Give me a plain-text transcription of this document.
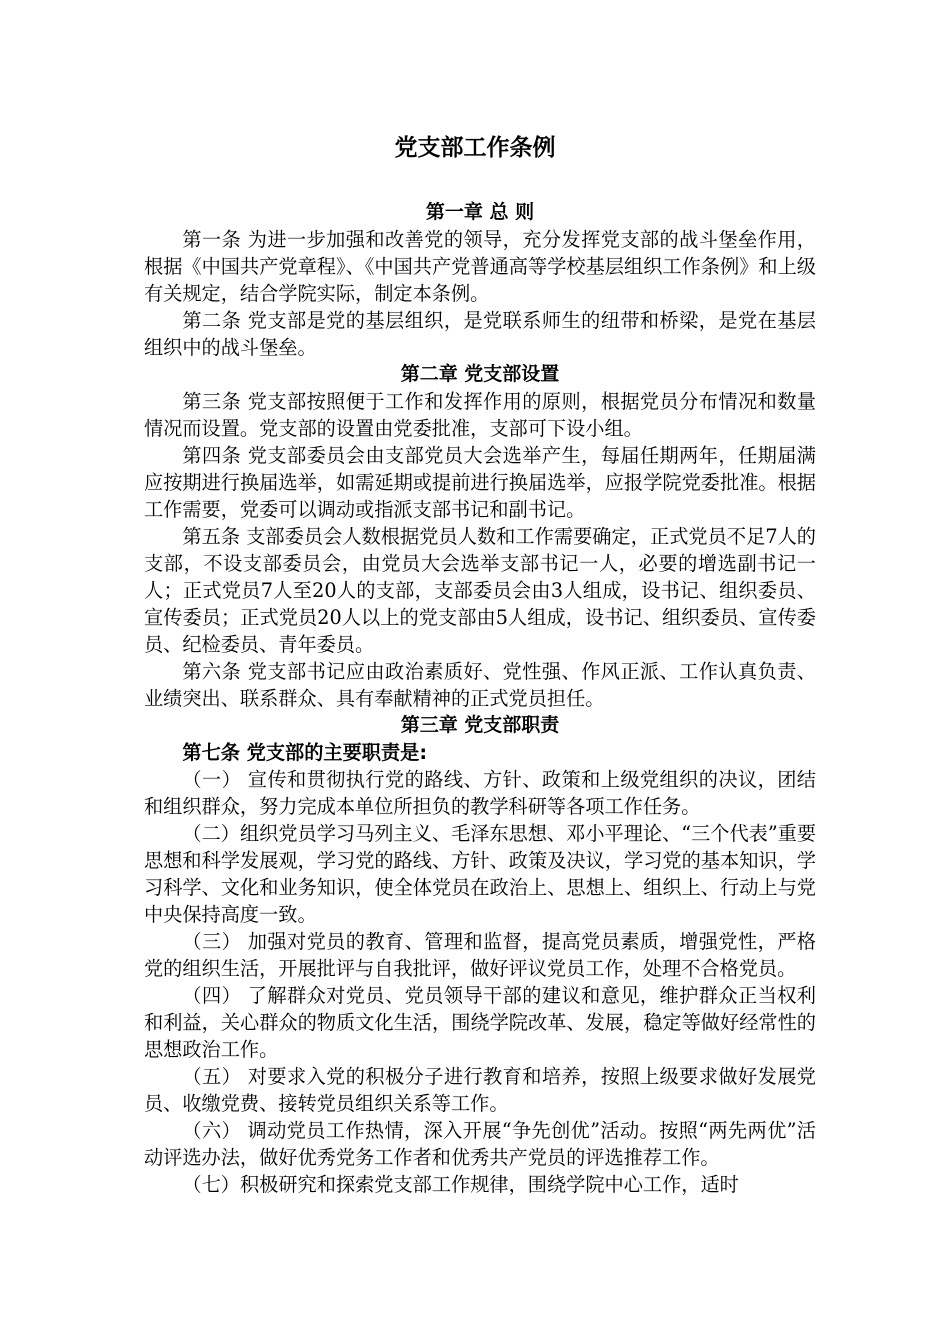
党支部工作条例

第一章 总 则

第一条 为进一步加强和改善党的领导，充分发挥党支部的战斗堡垒作用，根据《中国共产党章程》、《中国共产党普通高等学校基层组织工作条例》和上级有关规定，结合学院实际，制定本条例。

第二条 党支部是党的基层组织，是党联系师生的纽带和桥梁，是党在基层组织中的战斗堡垒。

第二章 党支部设置

第三条 党支部按照便于工作和发挥作用的原则，根据党员分布情况和数量情况而设置。党支部的设置由党委批准，支部可下设小组。

第四条 党支部委员会由支部党员大会选举产生，每届任期两年，任期届满应按期进行换届选举，如需延期或提前进行换届选举，应报学院党委批准。根据工作需要，党委可以调动或指派支部书记和副书记。

第五条 支部委员会人数根据党员人数和工作需要确定，正式党员不足7人的支部，不设支部委员会，由党员大会选举支部书记一人，必要的增选副书记一人；正式党员7人至20人的支部，支部委员会由3人组成，设书记、组织委员、宣传委员；正式党员20人以上的党支部由5人组成，设书记、组织委员、宣传委员、纪检委员、青年委员。

第六条 党支部书记应由政治素质好、党性强、作风正派、工作认真负责、业绩突出、联系群众、具有奉献精神的正式党员担任。

第三章 党支部职责

第七条 党支部的主要职责是:

（一） 宣传和贯彻执行党的路线、方针、政策和上级党组织的决议，团结和组织群众，努力完成本单位所担负的教学科研等各项工作任务。

（二）组织党员学习马列主义、毛泽东思想、邓小平理论、“三个代表”重要思想和科学发展观，学习党的路线、方针、政策及决议，学习党的基本知识，学习科学、文化和业务知识，使全体党员在政治上、思想上、组织上、行动上与党中央保持高度一致。

（三） 加强对党员的教育、管理和监督，提高党员素质，增强党性，严格党的组织生活，开展批评与自我批评，做好评议党员工作，处理不合格党员。

（四） 了解群众对党员、党员领导干部的建议和意见，维护群众正当权利和利益，关心群众的物质文化生活，围绕学院改革、发展，稳定等做好经常性的思想政治工作。

（五） 对要求入党的积极分子进行教育和培养，按照上级要求做好发展党员、收缴党费、接转党员组织关系等工作。

（六） 调动党员工作热情，深入开展“争先创优”活动。按照“两先两优”活动评选办法，做好优秀党务工作者和优秀共产党员的评选推荐工作。

（七）积极研究和探索党支部工作规律，围绕学院中心工作，适时
